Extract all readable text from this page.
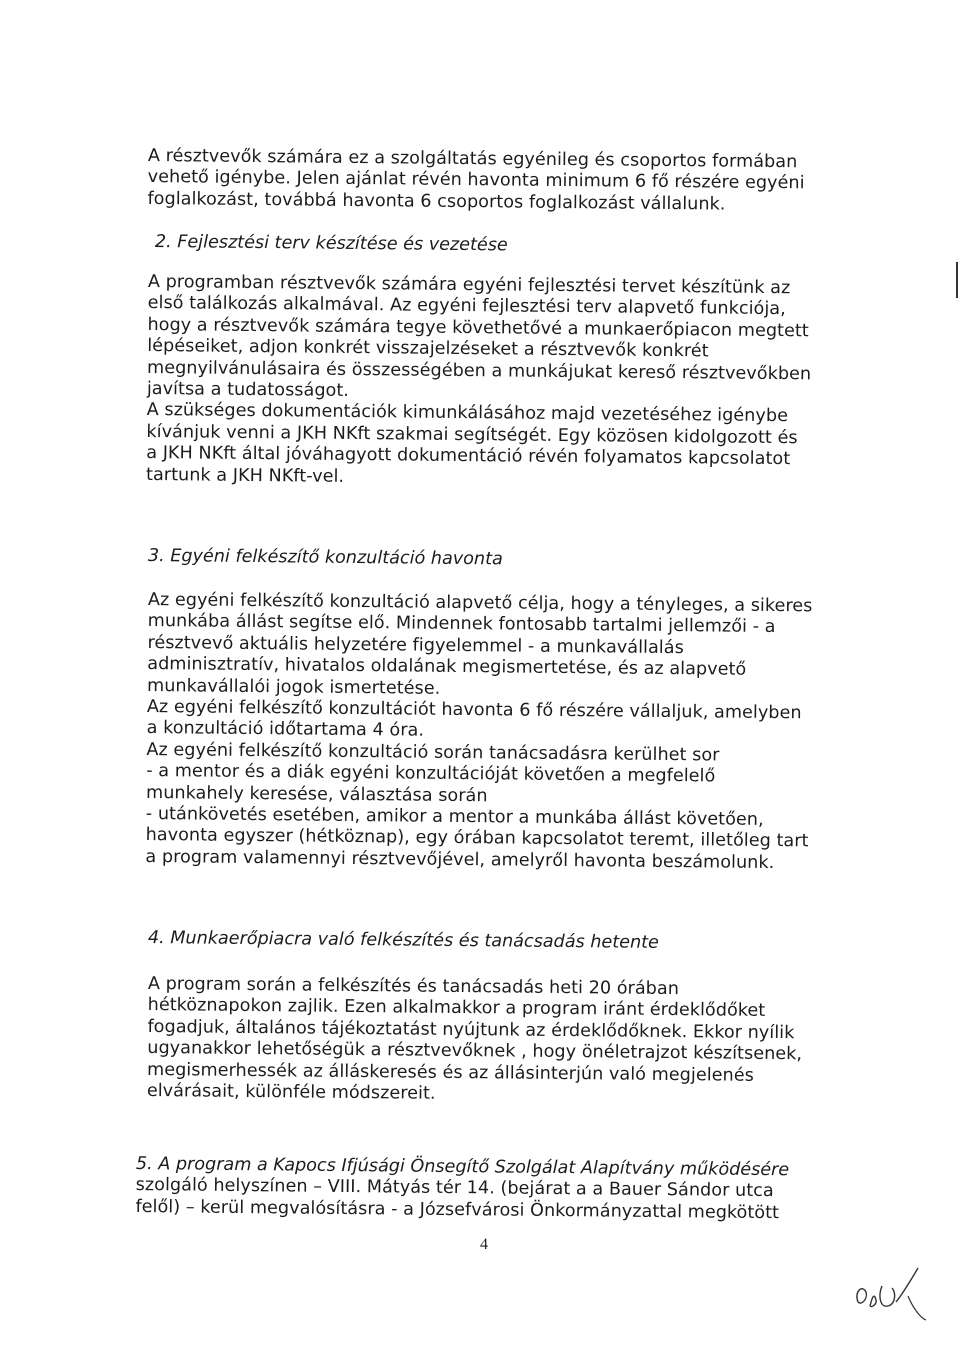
A résztvevők számára ez a szolgáltatás egyénileg és csoportos formában
vehető igénybe. Jelen ajánlat révén havonta minimum 6 fő részére egyéni
foglalkozást, továbbá havonta 6 csoportos foglalkozást vállalunk.
2. Fejlesztési terv készítése és vezetése
A programban résztvevők számára egyéni fejlesztési tervet készítünk az
első találkozás alkalmával. Az egyéni fejlesztési terv alapvető funkciója,
hogy a résztvevők számára tegye követhetővé a munkaerőpiacon megtett
lépéseiket, adjon konkrét visszajelzéseket a résztvevők konkrét
megnyilvánulásaira és összességében a munkájukat kereső résztvevőkben
javítsa a tudatosságot.
A szükséges dokumentációk kimunkálásához majd vezetéséhez igénybe
kívánjuk venni a JKH NKft szakmai segítségét. Egy közösen kidolgozott és
a JKH NKft által jóváhagyott dokumentáció révén folyamatos kapcsolatot
tartunk a JKH NKft-vel.
3. Egyéni felkészítő konzultáció havonta
Az egyéni felkészítő konzultáció alapvető célja, hogy a tényleges, a sikeres
munkába állást segítse elő. Mindennek fontosabb tartalmi jellemzői - a
résztvevő aktuális helyzetére figyelemmel - a munkavállalás
adminisztratív, hivatalos oldalának megismertetése, és az alapvető
munkavállalói jogok ismertetése.
Az egyéni felkészítő konzultációt havonta 6 fő részére vállaljuk, amelyben
a konzultáció időtartama 4 óra.
Az egyéni felkészítő konzultáció során tanácsadásra kerülhet sor
- a mentor és a diák egyéni konzultációját követően a megfelelő
munkahely keresése, választása során
- utánkövetés esetében, amikor a mentor a munkába állást követően,
havonta egyszer (hétköznap), egy órában kapcsolatot teremt, illetőleg tart
a program valamennyi résztvevőjével, amelyről havonta beszámolunk.
4. Munkaerőpiacra való felkészítés és tanácsadás hetente
A program során a felkészítés és tanácsadás heti 20 órában
hétköznapokon zajlik. Ezen alkalmakkor a program iránt érdeklődőket
fogadjuk, általános tájékoztatást nyújtunk az érdeklődőknek. Ekkor nyílik
ugyanakkor lehetőségük a résztvevőknek , hogy önéletrajzot készítsenek,
megismerhessék az álláskeresés és az állásinterjún való megjelenés
elvárásait, különféle módszereit.
5. A program a Kapocs Ifjúsági Önsegítő Szolgálat Alapítvány működésére
szolgáló helyszínen – VIII. Mátyás tér 14. (bejárat a a Bauer Sándor utca
felől) – kerül megvalósításra - a Józsefvárosi Önkormányzattal megkötött
4
